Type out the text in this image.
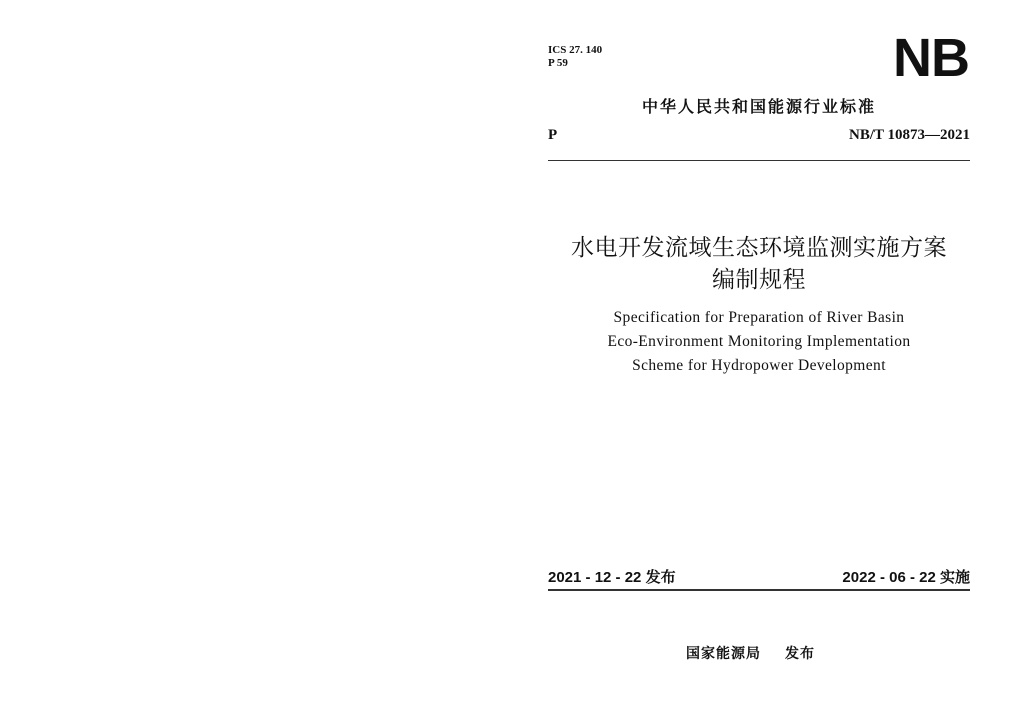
ICS 27. 140
P 59	NB
中华人民共和国能源行业标准
P	NB/T 10873—2021
水电开发流域生态环境监测实施方案
编制规程
Specification for Preparation of River Basin
Eco-Environment Monitoring Implementation
Scheme for Hydropower Development
2021 - 12 - 22 发布	2022 - 06 - 22 实施
国家能源局 发布
